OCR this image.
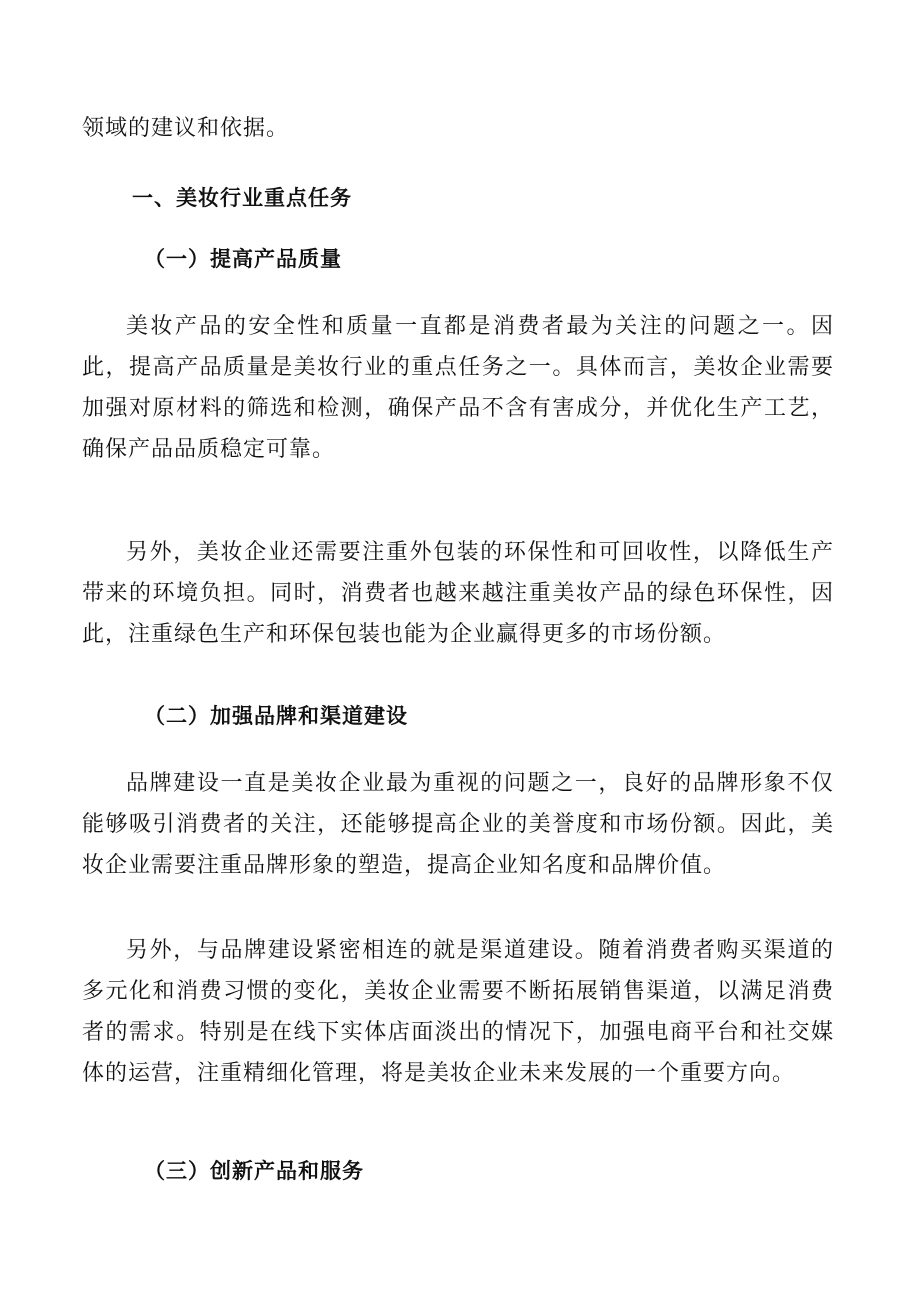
领域的建议和依据。

一、美妆行业重点任务
（一）提高产品质量

美妆产品的安全性和质量一直都是消费者最为关注的问题之一。因此，提高产品质量是美妆行业的重点任务之一。具体而言，美妆企业需要加强对原材料的筛选和检测，确保产品不含有害成分，并优化生产工艺，确保产品品质稳定可靠。

另外，美妆企业还需要注重外包装的环保性和可回收性，以降低生产带来的环境负担。同时，消费者也越来越注重美妆产品的绿色环保性，因此，注重绿色生产和环保包装也能为企业赢得更多的市场份额。

（二）加强品牌和渠道建设

品牌建设一直是美妆企业最为重视的问题之一，良好的品牌形象不仅能够吸引消费者的关注，还能够提高企业的美誉度和市场份额。因此，美妆企业需要注重品牌形象的塑造，提高企业知名度和品牌价值。

另外，与品牌建设紧密相连的就是渠道建设。随着消费者购买渠道的多元化和消费习惯的变化，美妆企业需要不断拓展销售渠道，以满足消费者的需求。特别是在线下实体店面淡出的情况下，加强电商平台和社交媒体的运营，注重精细化管理，将是美妆企业未来发展的一个重要方向。

（三）创新产品和服务
